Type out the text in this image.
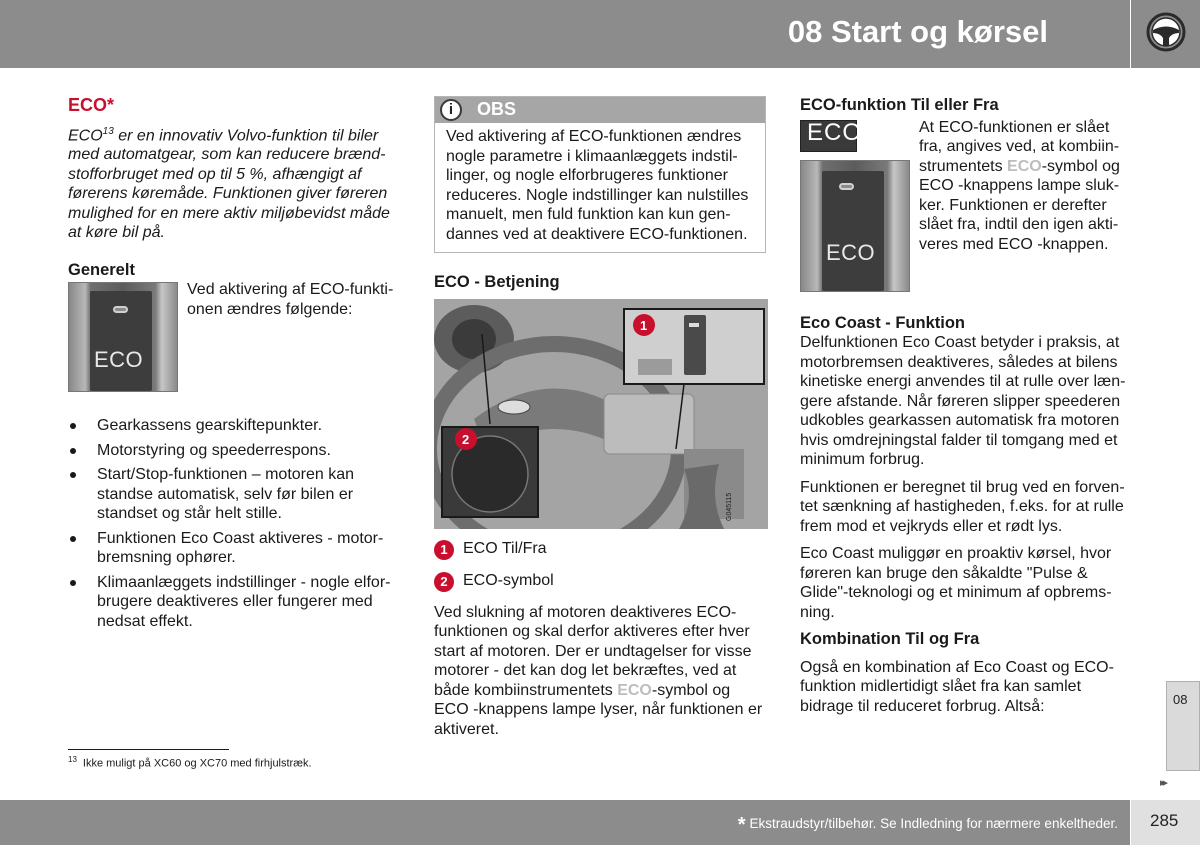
08 Start og kørsel
ECO*

ECO$^{13}$ er en innovativ Volvo-funktion til biler med automatgear, som kan reducere brænd-stofforbruget med op til 5 %, afhængigt af førerens køremåde. Funktionen giver føreren mulighed for en mere aktiv miljøbevidst måde at køre bil på.

Generelt
ECO

Ved aktivering af ECO-funkti-onen ændres følgende:

Gearkassens gearskiftepunkter.
Motorstyring og speederrespons.
Start/Stop-funktionen – motoren kan standse automatisk, selv før bilen er standset og står helt stille.
Funktionen Eco Coast aktiveres - motor-bremsning ophører.
Klimaanlæggets indstillinger - nogle elfor-brugere deaktiveres eller fungerer med nedsat effekt.
i	OBS
Ved aktivering af ECO-funktionen ændres nogle parametre i klimaanlæggets indstil-linger, og nogle elforbrugeres funktioner reduceres. Nogle indstillinger kan nulstilles manuelt, men fuld funktion kan kun gen-dannes ved at deaktivere ECO-funktionen.
ECO - Betjening
G045115
1
2
1 ECO Til/Fra
2 ECO-symbol

Ved slukning af motoren deaktiveres ECO-funktionen og skal derfor aktiveres efter hver start af motoren. Der er undtagelser for visse motorer - det kan dog let bekræftes, ved at både kombiinstrumentets ECO-symbol og ECO -knappens lampe lyser, når funktionen er aktiveret.

ECO-funktion Til eller Fra
ECO
ECO

At ECO-funktionen er slået fra, angives ved, at kombiin-strumentets ECO-symbol og ECO -knappens lampe sluk-ker. Funktionen er derefter slået fra, indtil den igen akti-veres med ECO -knappen.

Eco Coast - Funktion

Delfunktionen Eco Coast betyder i praksis, at motorbremsen deaktiveres, således at bilens kinetiske energi anvendes til at rulle over læn-gere afstande. Når føreren slipper speederen udkobles gearkassen automatisk fra motoren hvis omdrejningstal falder til tomgang med et minimum forbrug.

Funktionen er beregnet til brug ved en forven-tet sænkning af hastigheden, f.eks. for at rulle frem mod et vejkryds eller et rødt lys.

Eco Coast muliggør en proaktiv kørsel, hvor føreren kan bruge den såkaldte "Pulse & Glide"-teknologi og et minimum af opbrems-ning.

Kombination Til og Fra

Også en kombination af Eco Coast og ECO-funktion midlertidigt slået fra kan samlet bidrage til reduceret forbrug. Altså:

$^{13}$ Ikke muligt på XC60 og XC70 med firhjulstræk.
08
▸▸
* Ekstraudstyr/tilbehør. Se Indledning for nærmere enkeltheder. 285
